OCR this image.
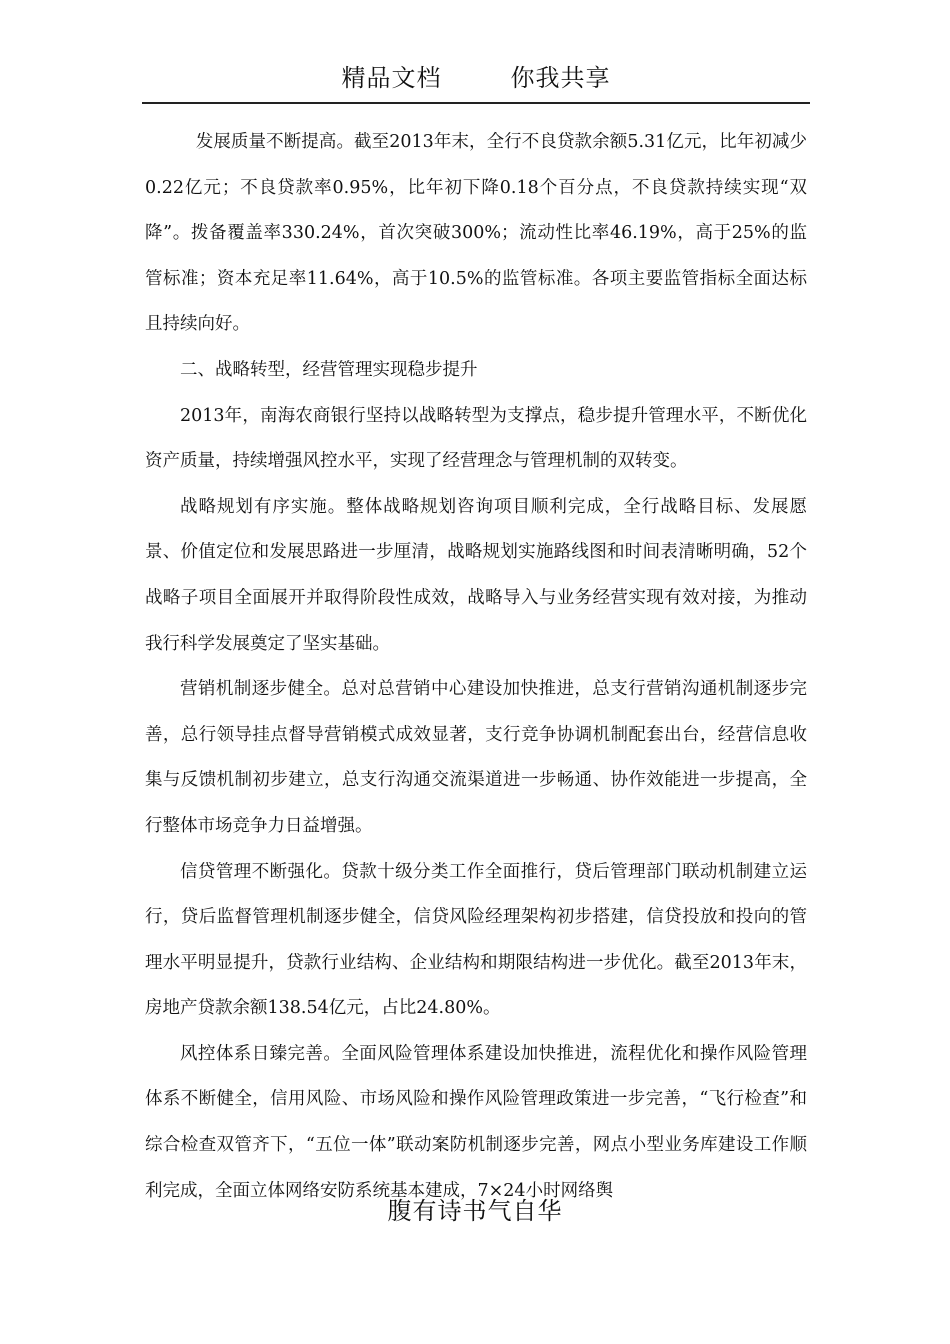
精品文档	你我共享

发展质量不断提高。截至2013年末，全行不良贷款余额5.31亿元，比年初减少0.22亿元；不良贷款率0.95%，比年初下降0.18个百分点，不良贷款持续实现“双降”。拨备覆盖率330.24%，首次突破300%；流动性比率46.19%，高于25%的监管标准；资本充足率11.64%，高于10.5%的监管标准。各项主要监管指标全面达标且持续向好。

二、战略转型，经营管理实现稳步提升

2013年，南海农商银行坚持以战略转型为支撑点，稳步提升管理水平，不断优化资产质量，持续增强风控水平，实现了经营理念与管理机制的双转变。

战略规划有序实施。整体战略规划咨询项目顺利完成，全行战略目标、发展愿景、价值定位和发展思路进一步厘清，战略规划实施路线图和时间表清晰明确，52个战略子项目全面展开并取得阶段性成效，战略导入与业务经营实现有效对接，为推动我行科学发展奠定了坚实基础。

营销机制逐步健全。总对总营销中心建设加快推进，总支行营销沟通机制逐步完善，总行领导挂点督导营销模式成效显著，支行竞争协调机制配套出台，经营信息收集与反馈机制初步建立，总支行沟通交流渠道进一步畅通、协作效能进一步提高，全行整体市场竞争力日益增强。

信贷管理不断强化。贷款十级分类工作全面推行，贷后管理部门联动机制建立运行，贷后监督管理机制逐步健全，信贷风险经理架构初步搭建，信贷投放和投向的管理水平明显提升，贷款行业结构、企业结构和期限结构进一步优化。截至2013年末，房地产贷款余额138.54亿元，占比24.80%。

风控体系日臻完善。全面风险管理体系建设加快推进，流程优化和操作风险管理体系不断健全，信用风险、市场风险和操作风险管理政策进一步完善，“飞行检查”和综合检查双管齐下，“五位一体”联动案防机制逐步完善，网点小型业务库建设工作顺利完成，全面立体网络安防系统基本建成，7×24小时网络舆

腹有诗书气自华
